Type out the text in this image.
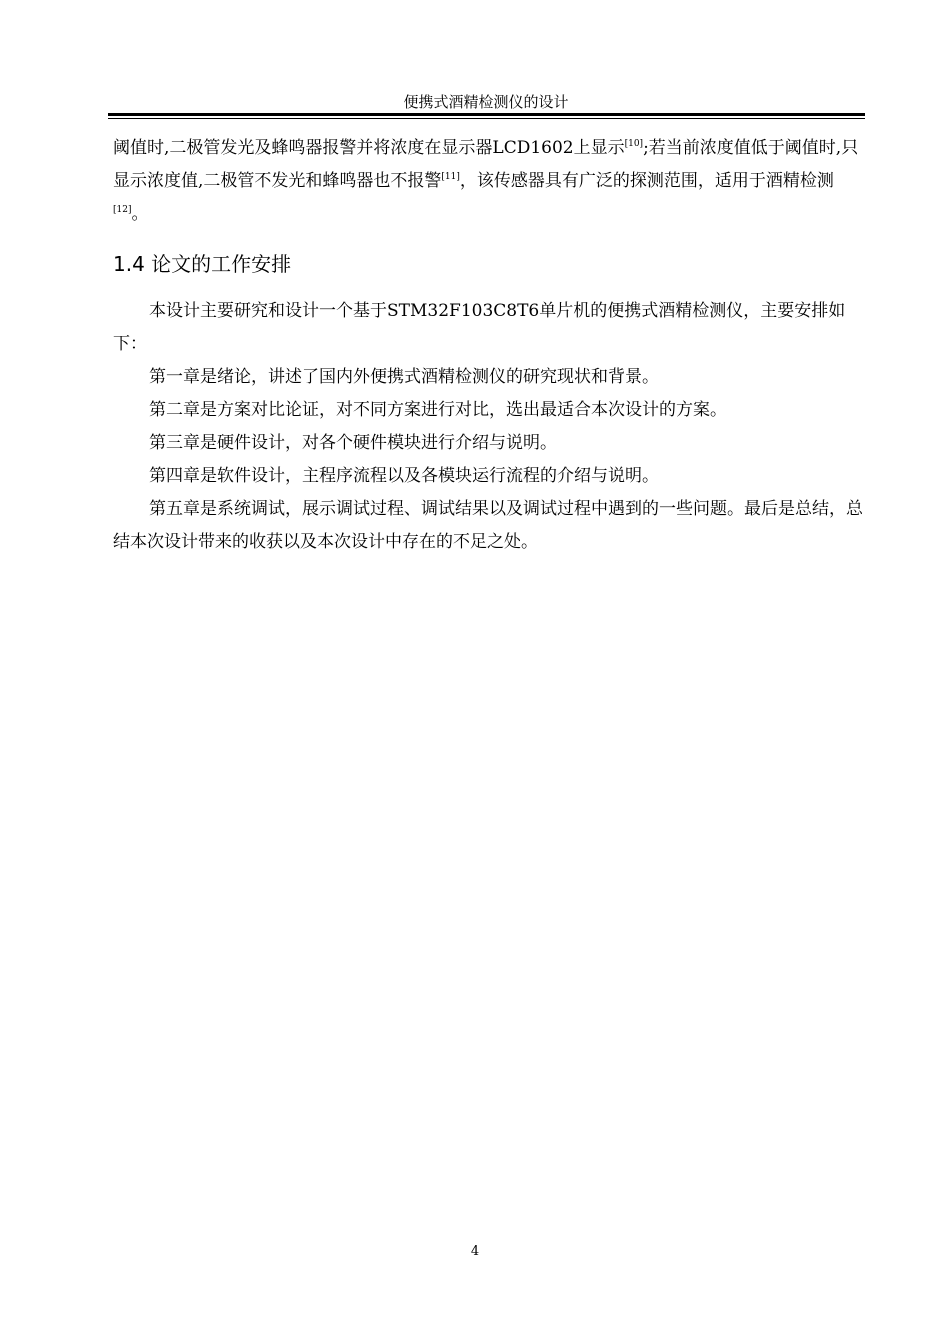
便携式酒精检测仪的设计

阈值时,二极管发光及蜂鸣器报警并将浓度在显示器LCD1602上显示[10];若当前浓度值低于阈值时,只显示浓度值,二极管不发光和蜂鸣器也不报警[11]，该传感器具有广泛的探测范围，适用于酒精检测[12]。

1.4 论文的工作安排

本设计主要研究和设计一个基于STM32F103C8T6单片机的便携式酒精检测仪，主要安排如下：

第一章是绪论，讲述了国内外便携式酒精检测仪的研究现状和背景。

第二章是方案对比论证，对不同方案进行对比，选出最适合本次设计的方案。

第三章是硬件设计，对各个硬件模块进行介绍与说明。

第四章是软件设计，主程序流程以及各模块运行流程的介绍与说明。

第五章是系统调试，展示调试过程、调试结果以及调试过程中遇到的一些问题。最后是总结，总结本次设计带来的收获以及本次设计中存在的不足之处。

4
